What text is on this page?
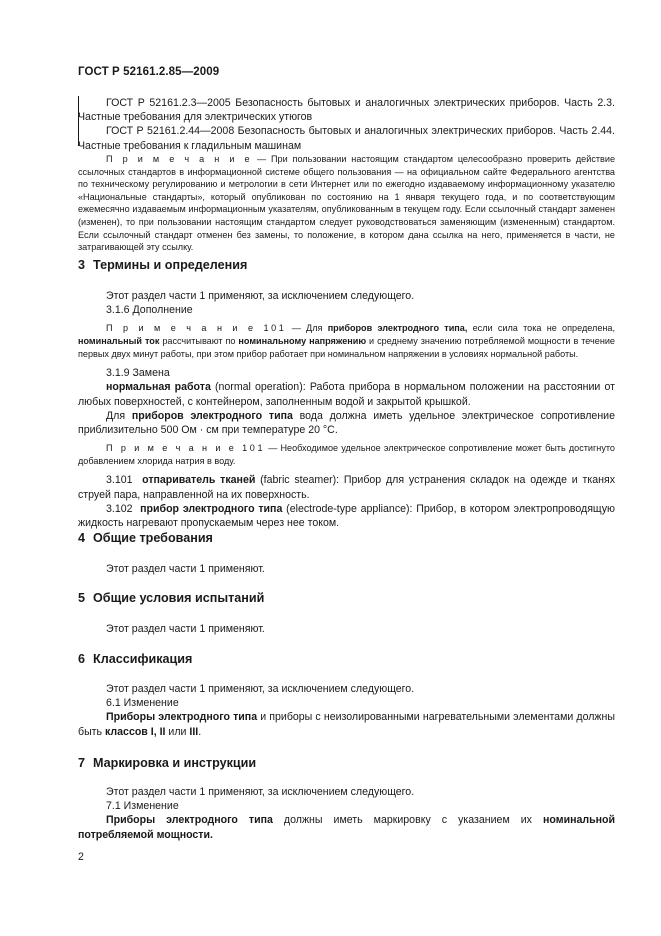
ГОСТ Р 52161.2.85—2009

ГОСТ Р 52161.2.3—2005 Безопасность бытовых и аналогичных электрических приборов. Часть 2.3. Частные требования для электрических утюгов

ГОСТ Р 52161.2.44—2008 Безопасность бытовых и аналогичных электрических приборов. Часть 2.44. Частные требования к гладильным машинам

П р и м е ч а н и е — При пользовании настоящим стандартом целесообразно проверить действие ссылочных стандартов в информационной системе общего пользования — на официальном сайте Федерального агентства по техническому регулированию и метрологии в сети Интернет или по ежегодно издаваемому информационному указателю «Национальные стандарты», который опубликован по состоянию на 1 января текущего года, и по соответствующим ежемесячно издаваемым информационным указателям, опубликованным в текущем году. Если ссылочный стандарт заменен (изменен), то при пользовании настоящим стандартом следует руководствоваться заменяющим (измененным) стандартом. Если ссылочный стандарт отменен без замены, то положение, в котором дана ссылка на него, применяется в части, не затрагивающей эту ссылку.

3 Термины и определения

Этот раздел части 1 применяют, за исключением следующего.

3.1.6 Дополнение

П р и м е ч а н и е 101 — Для приборов электродного типа, если сила тока не определена, номинальный ток рассчитывают по номинальному напряжению и среднему значению потребляемой мощности в течение первых двух минут работы, при этом прибор работает при номинальном напряжении в условиях нормальной работы.

3.1.9 Замена

нормальная работа (normal operation): Работа прибора в нормальном положении на расстоянии от любых поверхностей, с контейнером, заполненным водой и закрытой крышкой.

Для приборов электродного типа вода должна иметь удельное электрическое сопротивление приблизительно 500 Ом · см при температуре 20 °С.

П р и м е ч а н и е 101 — Необходимое удельное электрическое сопротивление может быть достигнуто добавлением хлорида натрия в воду.

3.101 отпариватель тканей (fabric steamer): Прибор для устранения складок на одежде и тканях струей пара, направленной на их поверхность.

3.102 прибор электродного типа (electrode-type appliance): Прибор, в котором электропроводящую жидкость нагревают пропускаемым через нее током.

4 Общие требования

Этот раздел части 1 применяют.

5 Общие условия испытаний

Этот раздел части 1 применяют.

6 Классификация

Этот раздел части 1 применяют, за исключением следующего.

6.1 Изменение

Приборы электродного типа и приборы с неизолированными нагревательными элементами должны быть классов I, II или III.

7 Маркировка и инструкции

Этот раздел части 1 применяют, за исключением следующего.

7.1 Изменение

Приборы электродного типа должны иметь маркировку с указанием их номинальной потребляемой мощности.

2
